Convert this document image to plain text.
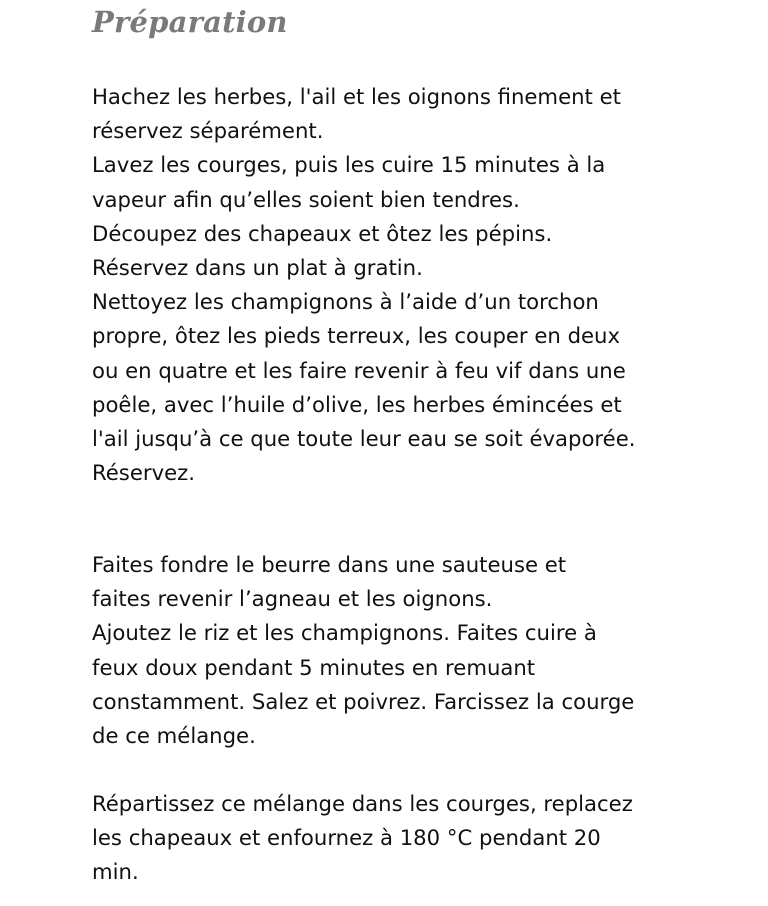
Préparation

Hachez les herbes, l'ail et les oignons finement et
réservez séparément.
Lavez les courges, puis les cuire 15 minutes à la
vapeur afin qu’elles soient bien tendres.
Découpez des chapeaux et ôtez les pépins.
Réservez dans un plat à gratin.
Nettoyez les champignons à l’aide d’un torchon
propre, ôtez les pieds terreux, les couper en deux
ou en quatre et les faire revenir à feu vif dans une
poêle, avec l’huile d’olive, les herbes émincées et
l'ail jusqu’à ce que toute leur eau se soit évaporée.
Réservez.

Faites fondre le beurre dans une sauteuse et
faites revenir l’agneau et les oignons.
Ajoutez le riz et les champignons. Faites cuire à
feux doux pendant 5 minutes en remuant
constamment. Salez et poivrez. Farcissez la courge
de ce mélange.

Répartissez ce mélange dans les courges, replacez
les chapeaux et enfournez à 180 °C pendant 20
min.
